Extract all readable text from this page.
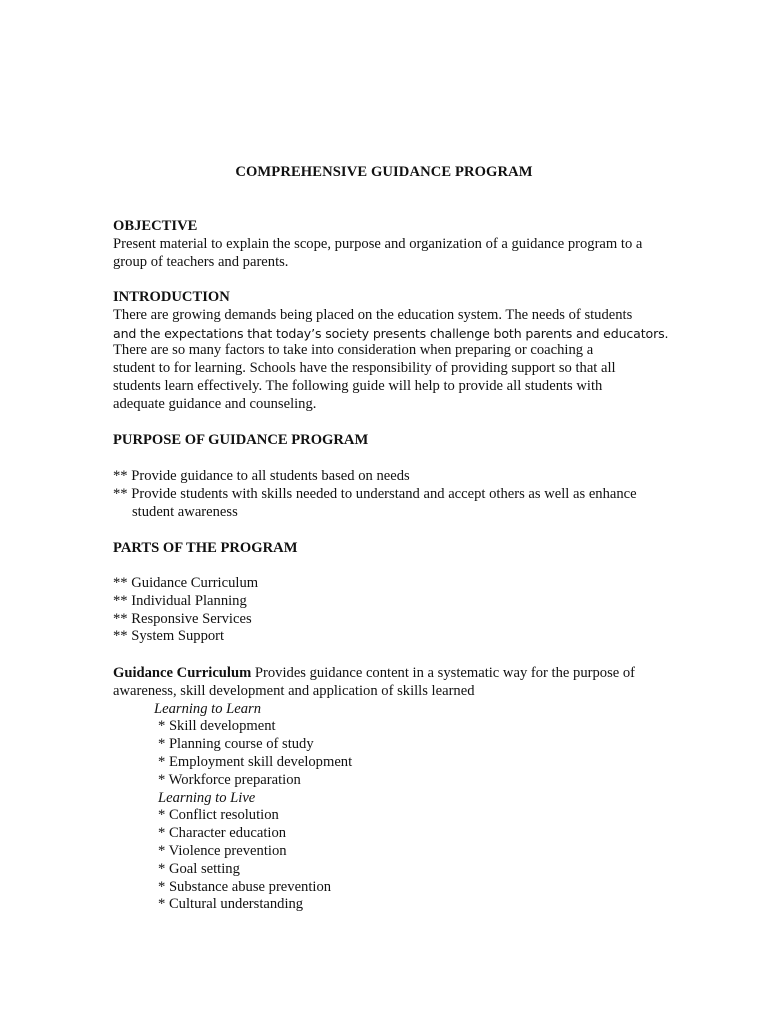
COMPREHENSIVE GUIDANCE PROGRAM

OBJECTIVE

Present material to explain the scope, purpose and organization of a guidance program to a group of teachers and parents.

INTRODUCTION

There are growing demands being placed on the education system. The needs of students
and the expectations that today’s society presents challenge both parents and educators.
There are so many factors to take into consideration when preparing or coaching a
student to for learning. Schools have the responsibility of providing support so that all
students learn effectively. The following guide will help to provide all students with
adequate guidance and counseling.

PURPOSE OF GUIDANCE PROGRAM

** Provide guidance to all students based on needs
** Provide students with skills needed to understand and accept others as well as enhance student awareness

PARTS OF THE PROGRAM

** Guidance Curriculum
** Individual Planning
** Responsive Services
** System Support

Guidance Curriculum Provides guidance content in a systematic way for the purpose of awareness, skill development and application of skills learned

Learning to Learn
* Skill development
* Planning course of study
* Employment skill development
* Workforce preparation
Learning to Live
* Conflict resolution
* Character education
* Violence prevention
* Goal setting
* Substance abuse prevention
* Cultural understanding
